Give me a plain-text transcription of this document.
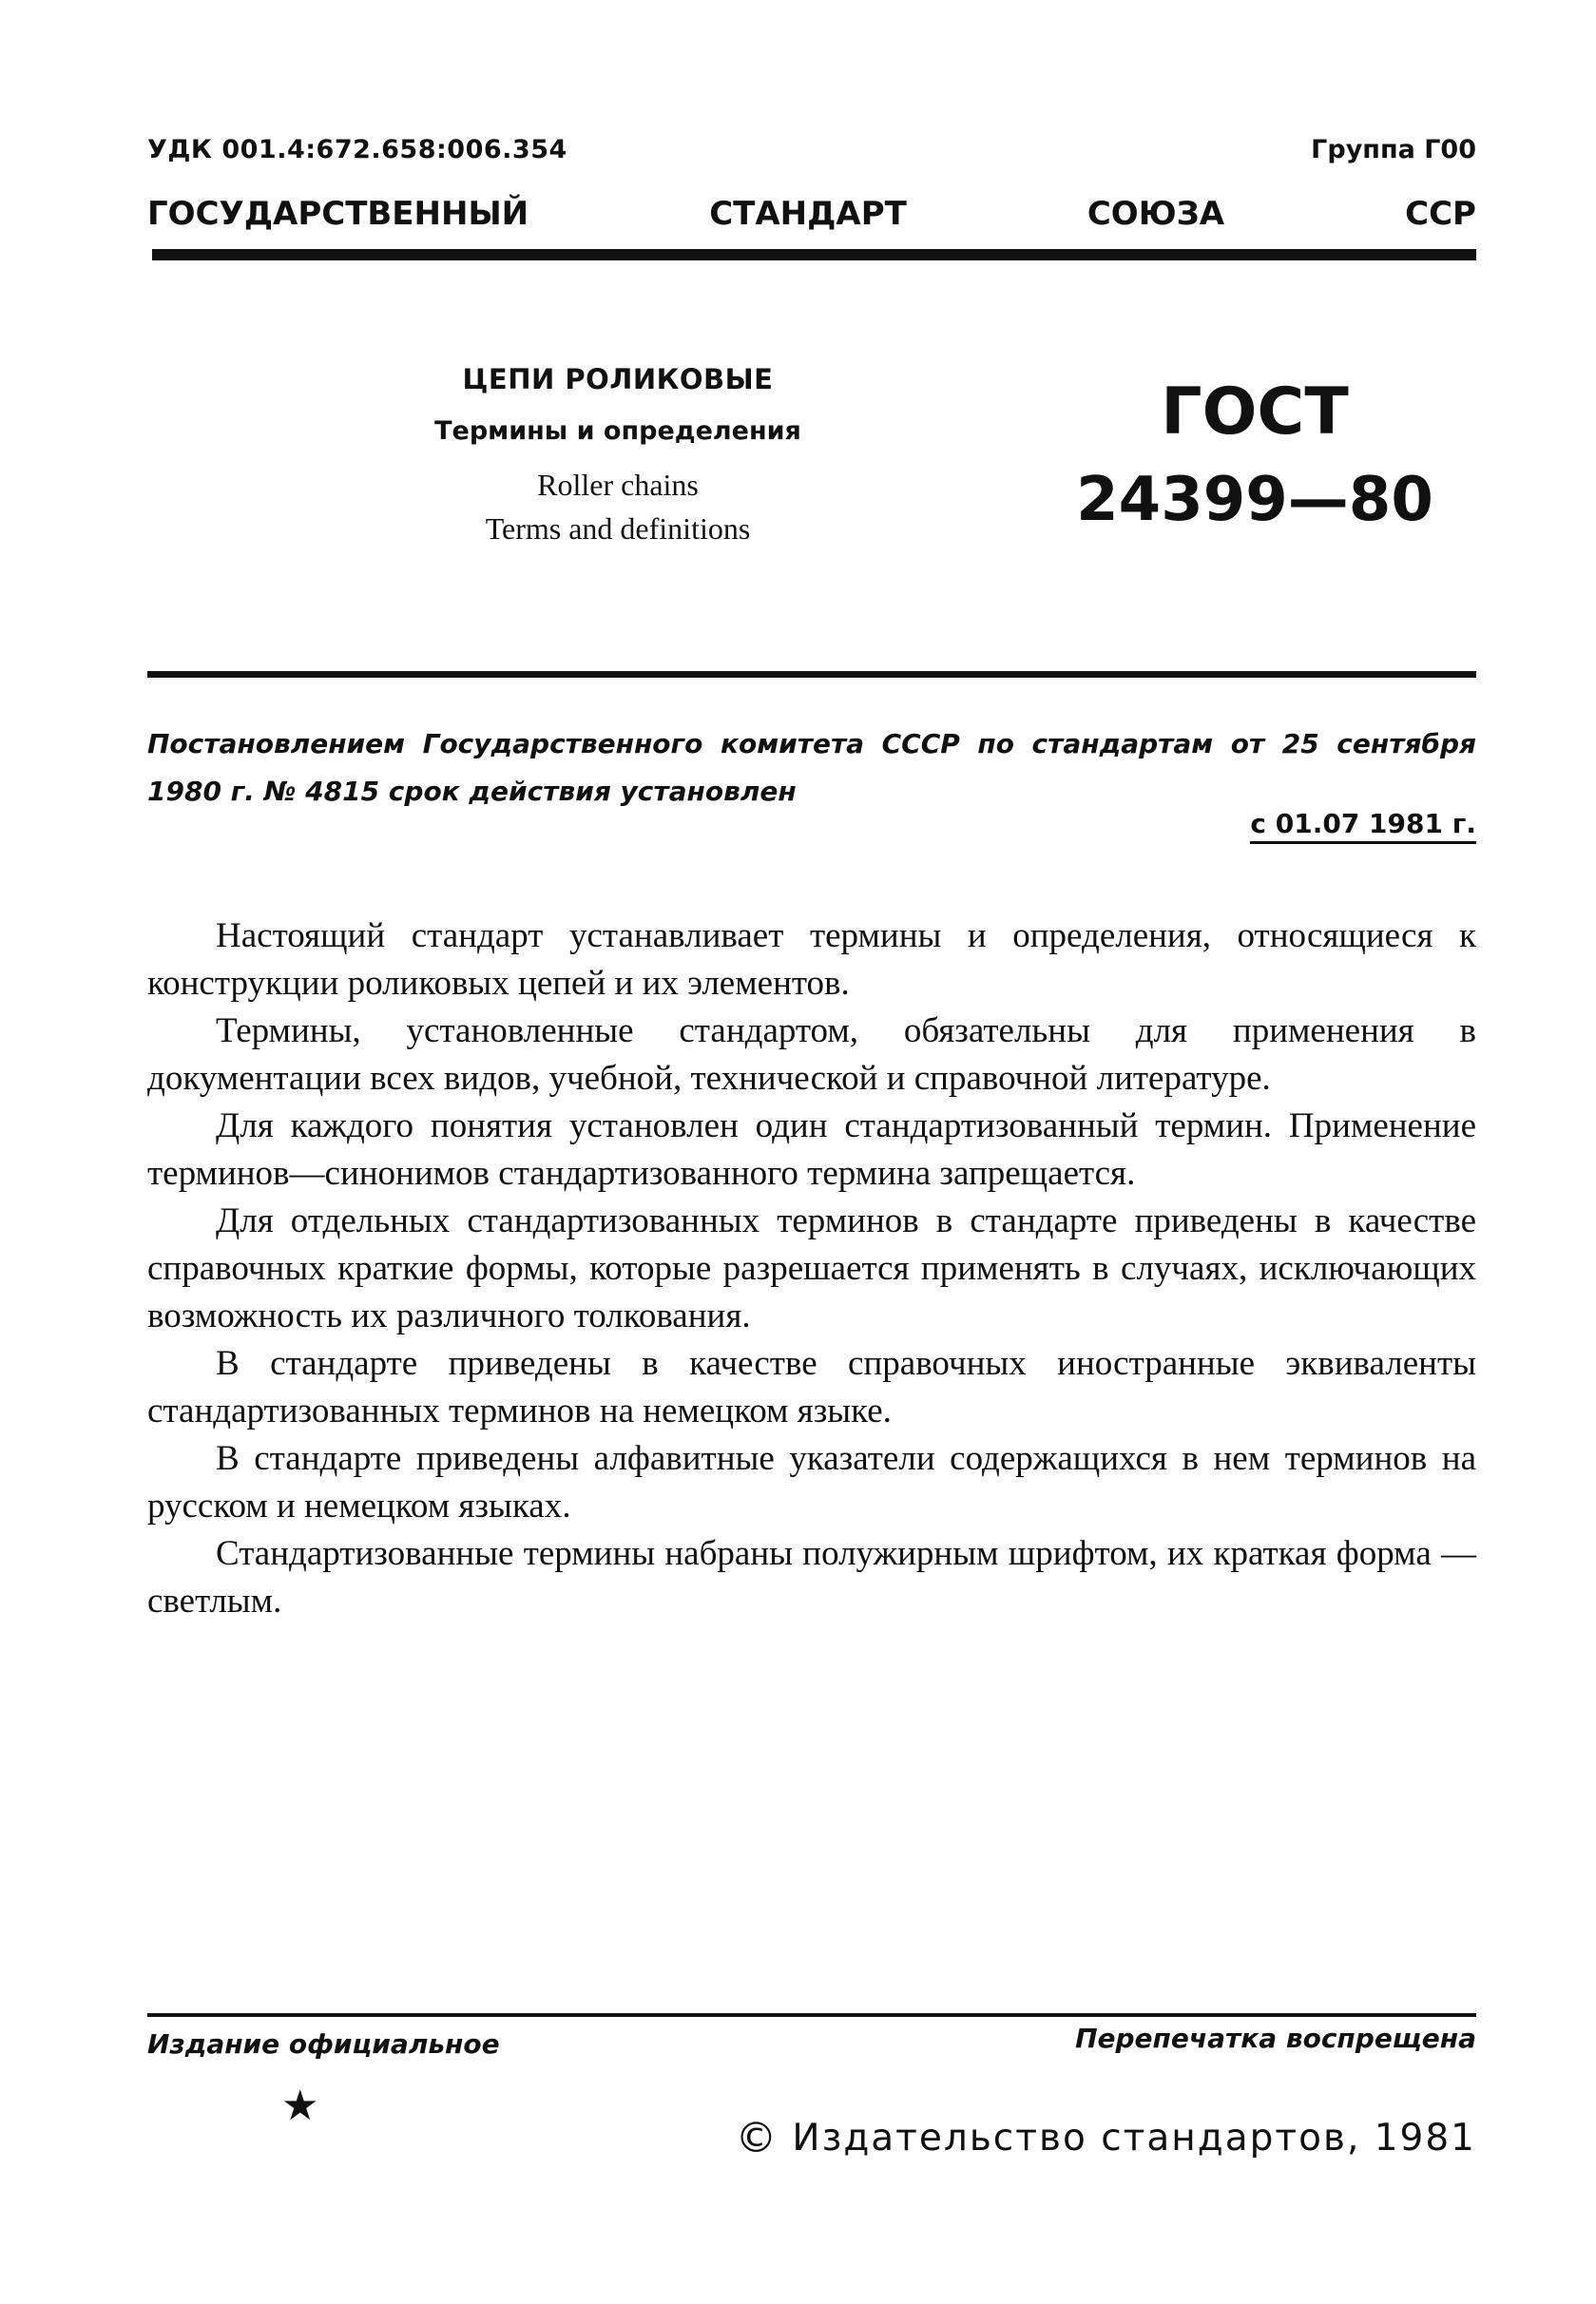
УДК 001.4:672.658:006.354	Группа Г00
ГОСУДАРСТВЕННЫЙ	СТАНДАРТ	СОЮЗА	ССР

ЦЕПИ РОЛИКОВЫЕ

Термины и определения

Roller chains

Terms and definitions

ГОСТ

24399—80

Постановлением Государственного комитета СССР по стандартам от 25 сентября 1980 г. № 4815 срок действия установлен
с 01.07 1981 г.

Настоящий стандарт устанавливает термины и определения, относящиеся к конструкции роликовых цепей и их элементов.

Термины, установленные стандартом, обязательны для применения в документации всех видов, учебной, технической и справочной литературе.

Для каждого понятия установлен один стандартизованный термин. Применение терминов—синонимов стандартизованного термина запрещается.

Для отдельных стандартизованных терминов в стандарте приведены в качестве справочных краткие формы, которые разрешается применять в случаях, исключающих возможность их различного толкования.

В стандарте приведены в качестве справочных иностранные эквиваленты стандартизованных терминов на немецком языке.

В стандарте приведены алфавитные указатели содержащихся в нем терминов на русском и немецком языках.

Стандартизованные термины набраны полужирным шрифтом, их краткая форма — светлым.

Издание официальное	Перепечатка воспрещена
★
© Издательство стандартов, 1981
